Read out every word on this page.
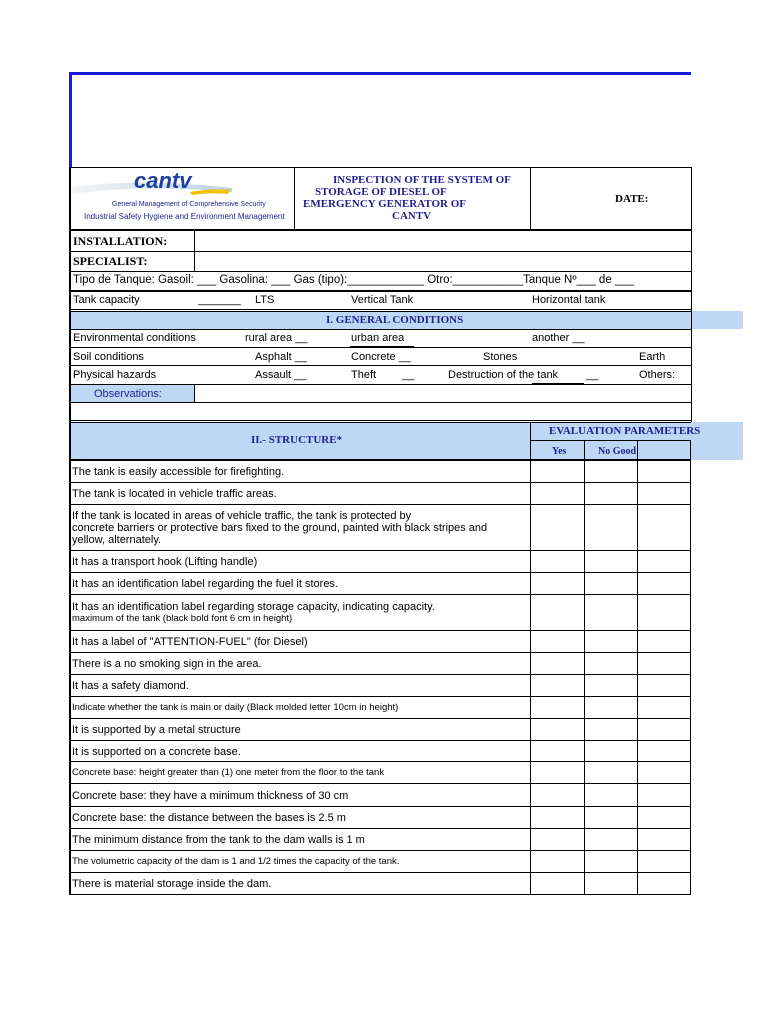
cantv
General Management of Comprehensive Security
Industrial Safety Hygiene and Environment Management
INSPECTION OF THE SYSTEM OF
STORAGE OF DIESEL OF
EMERGENCY GENERATOR OF
CANTV
DATE:
INSTALLATION:
SPECIALIST:
Tipo de Tanque: Gasoil: ___ Gasolina: ___ Gas (tipo):____________ Otro:___________Tanque Nº___ de ___
Tank capacity	_______ LTS	Vertical Tank	Horizontal tank
I. GENERAL CONDITIONS
Environmental conditions	rural area __	urban area	another __
Soil conditions	Asphalt __	Concrete __	Stones	Earth
Physical hazards	Assault __	Theft __	Destruction of the tank	__	Others:
Observations:
II.- STRUCTURE*
EVALUATION PARAMETERS
Yes	No Good
The tank is easily accessible for firefighting.
The tank is located in vehicle traffic areas.
If the tank is located in areas of vehicle traffic, the tank is protected by
concrete barriers or protective bars fixed to the ground, painted with black stripes and
yellow, alternately.
It has a transport hook (Lifting handle)
It has an identification label regarding the fuel it stores.
It has an identification label regarding storage capacity, indicating capacity.
maximum of the tank (black bold font 6 cm in height)
It has a label of "ATTENTION-FUEL" (for Diesel)
There is a no smoking sign in the area.
It has a safety diamond.
Indicate whether the tank is main or daily (Black molded letter 10cm in height)
It is supported by a metal structure
It is supported on a concrete base.
Concrete base: height greater than (1) one meter from the floor to the tank
Concrete base: they have a minimum thickness of 30 cm
Concrete base: the distance between the bases is 2.5 m
The minimum distance from the tank to the dam walls is 1 m
The volumetric capacity of the dam is 1 and 1/2 times the capacity of the tank.
There is material storage inside the dam.
